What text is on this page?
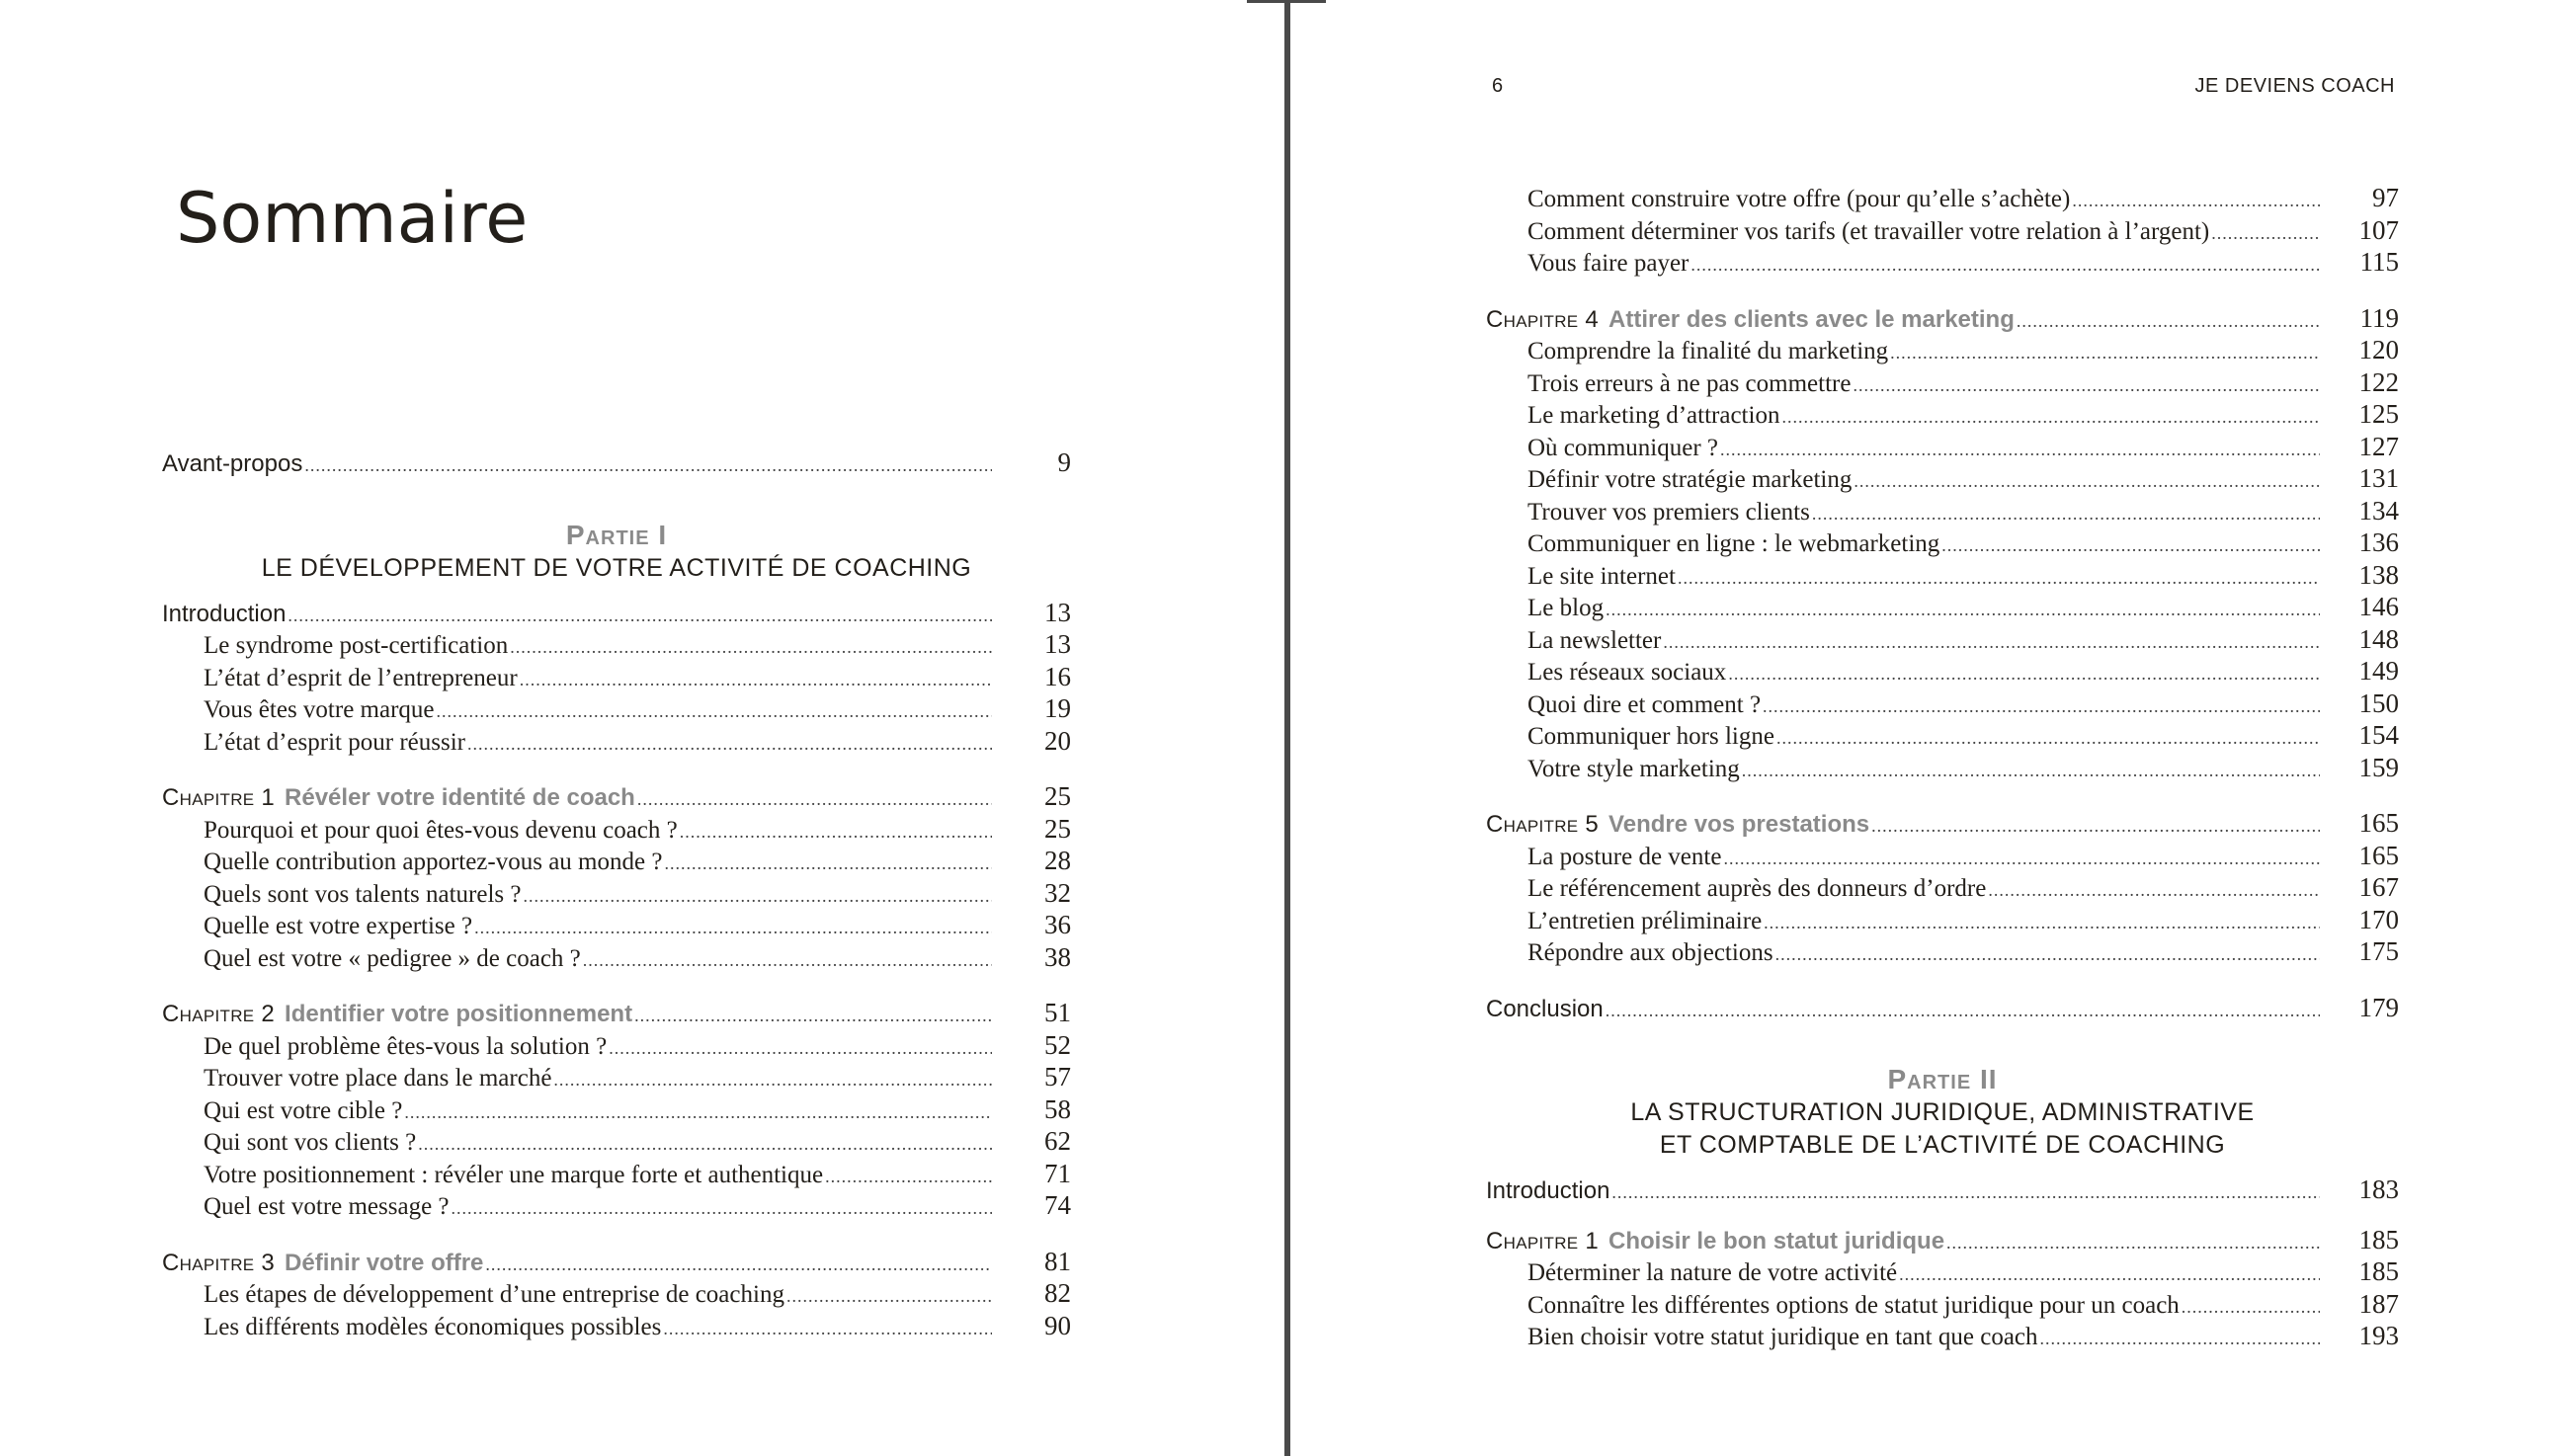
Sommaire
Avant-propos .....	9
Partie I
LE DÉVELOPPEMENT DE VOTRE ACTIVITÉ DE COACHING
Introduction .....	13
Le syndrome post-certification .....	13
L’état d’esprit de l’entrepreneur .....	16
Vous êtes votre marque .....	19
L’état d’esprit pour réussir .....	20
Chapitre 1 Révéler votre identité de coach .....	25
Pourquoi et pour quoi êtes-vous devenu coach ? .....	25
Quelle contribution apportez-vous au monde ? .....	28
Quels sont vos talents naturels ? .....	32
Quelle est votre expertise ? .....	36
Quel est votre « pedigree » de coach ? .....	38
Chapitre 2 Identifier votre positionnement .....	51
De quel problème êtes-vous la solution ? .....	52
Trouver votre place dans le marché .....	57
Qui est votre cible ? .....	58
Qui sont vos clients ? .....	62
Votre positionnement : révéler une marque forte et authentique .....	71
Quel est votre message ? .....	74
Chapitre 3 Définir votre offre .....	81
Les étapes de développement d’une entreprise de coaching .....	82
Les différents modèles économiques possibles .....	90
6	JE DEVIENS COACH
Comment construire votre offre (pour qu’elle s’achète) .....	97
Comment déterminer vos tarifs (et travailler votre relation à l’argent) .....	107
Vous faire payer .....	115
Chapitre 4 Attirer des clients avec le marketing .....	119
Comprendre la finalité du marketing .....	120
Trois erreurs à ne pas commettre .....	122
Le marketing d’attraction .....	125
Où communiquer ? .....	127
Définir votre stratégie marketing .....	131
Trouver vos premiers clients .....	134
Communiquer en ligne : le webmarketing .....	136
Le site internet .....	138
Le blog .....	146
La newsletter .....	148
Les réseaux sociaux .....	149
Quoi dire et comment ? .....	150
Communiquer hors ligne .....	154
Votre style marketing .....	159
Chapitre 5 Vendre vos prestations .....	165
La posture de vente .....	165
Le référencement auprès des donneurs d’ordre .....	167
L’entretien préliminaire .....	170
Répondre aux objections .....	175
Conclusion .....	179
Partie II
LA STRUCTURATION JURIDIQUE, ADMINISTRATIVE
ET COMPTABLE DE L’ACTIVITÉ DE COACHING
Introduction .....	183
Chapitre 1 Choisir le bon statut juridique .....	185
Déterminer la nature de votre activité .....	185
Connaître les différentes options de statut juridique pour un coach .....	187
Bien choisir votre statut juridique en tant que coach .....	193
